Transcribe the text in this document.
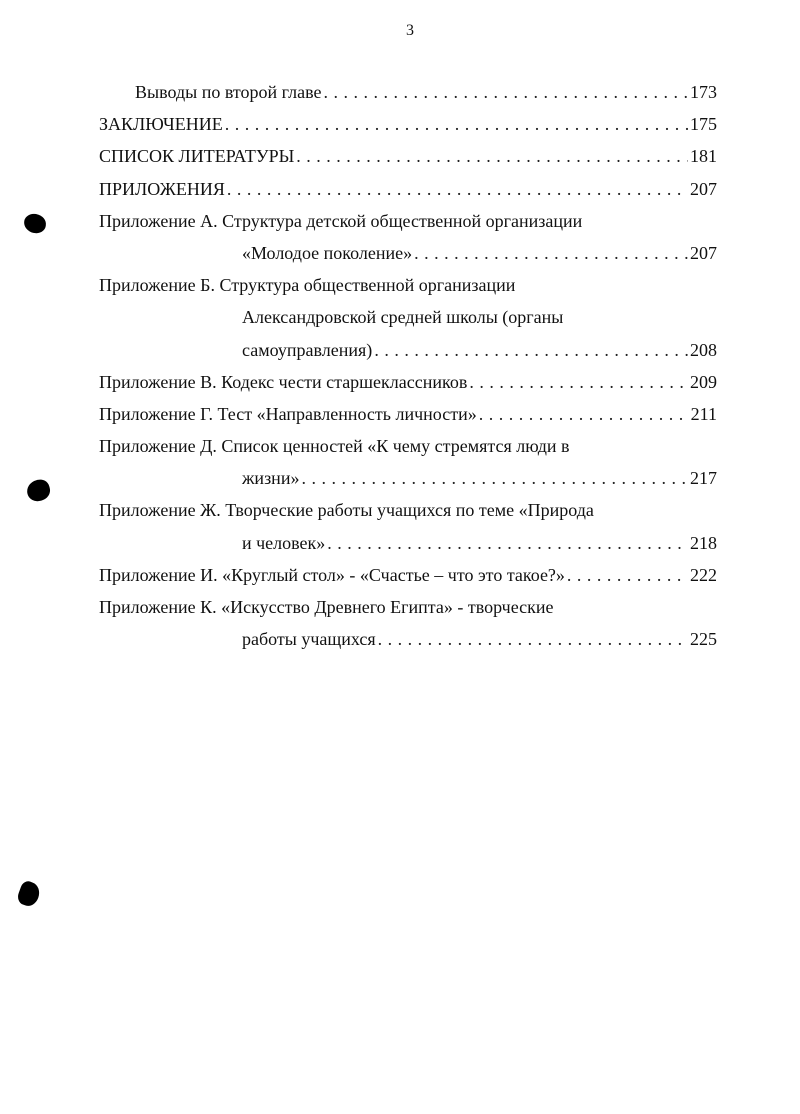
3
Выводы по второй главе . . .	173
ЗАКЛЮЧЕНИЕ . . .	175
СПИСОК ЛИТЕРАТУРЫ . . .	181
ПРИЛОЖЕНИЯ . . .	207
Приложение А. Структура детской общественной организации
«Молодое поколение» . . .	207
Приложение Б. Структура общественной организации
Александровской средней школы (органы
самоуправления) . . .	208
Приложение В. Кодекс чести старшеклассников . . .	209
Приложение Г. Тест «Направленность личности» . . .	211
Приложение Д. Список ценностей «К чему стремятся люди в
жизни» . . .	217
Приложение Ж. Творческие работы учащихся по теме «Природа
и человек» . . .	218
Приложение И. «Круглый стол» - «Счастье – что это такое?» . . .	222
Приложение К. «Искусство Древнего Египта» - творческие
работы учащихся . . .	225
